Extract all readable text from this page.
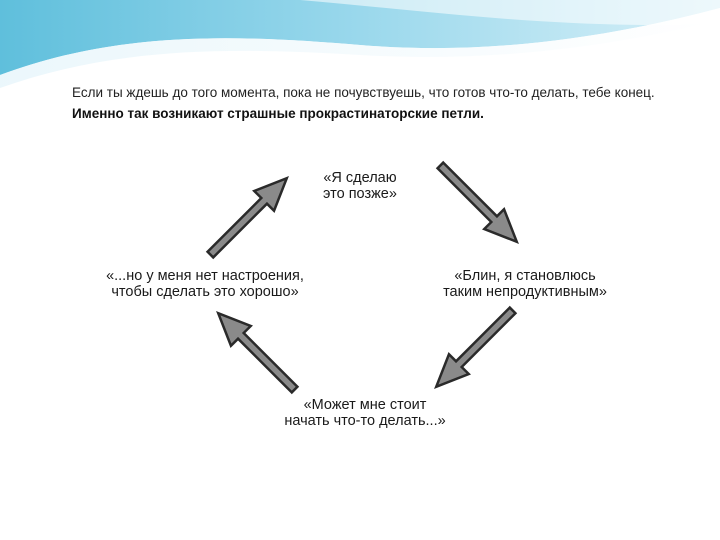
Если ты ждешь до того момента, пока не почувствуешь, что готов что-то делать, тебе конец. Именно так возникают страшные прокрастинаторские петли.
«Я сделаю
это позже»
«Блин, я становлюсь
таким непродуктивным»
«Может мне стоит
начать что-то делать...»
«...но у меня нет настроения,
чтобы сделать это хорошо»
